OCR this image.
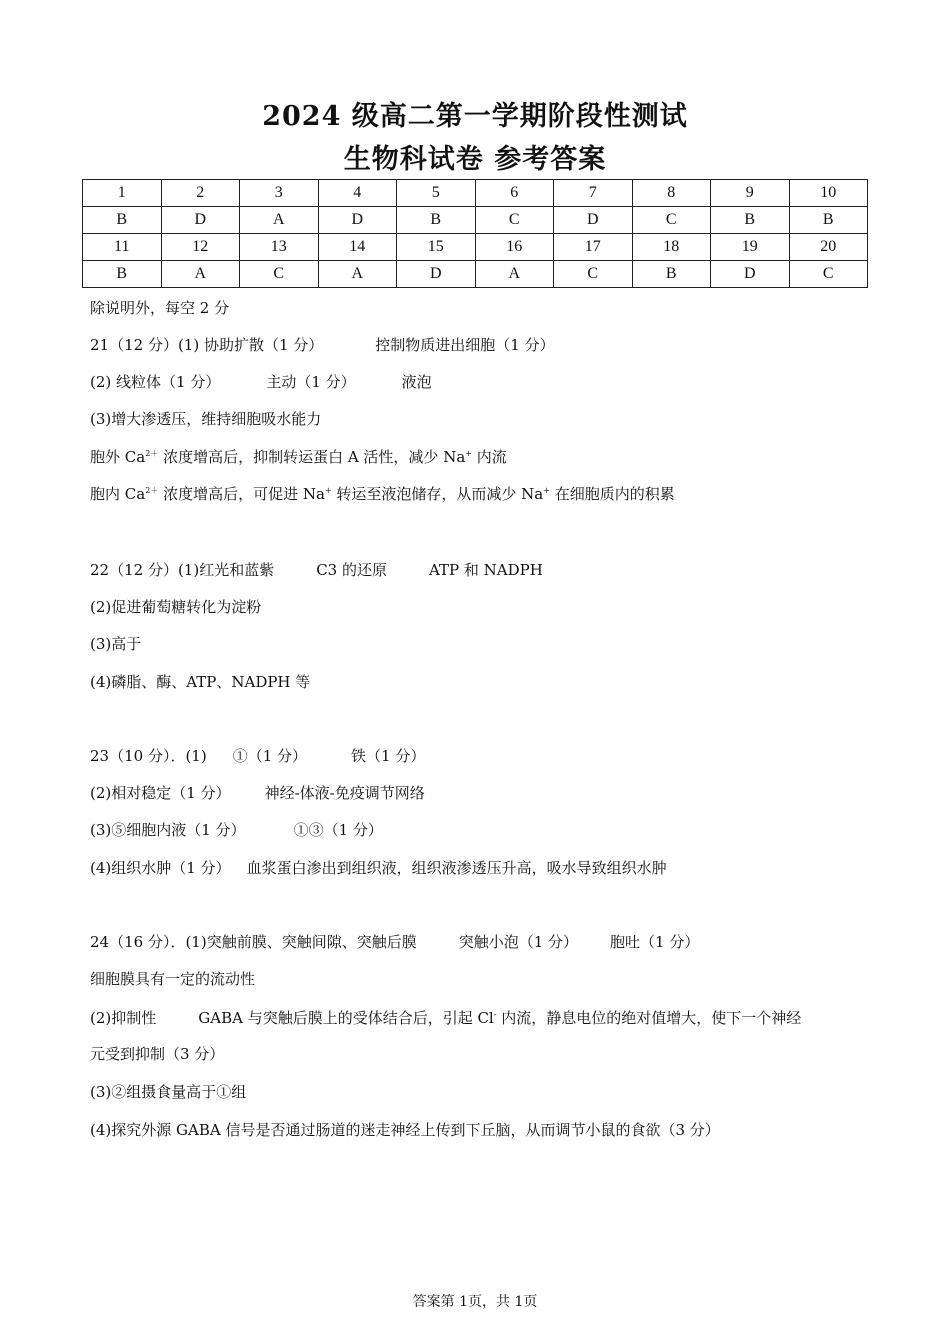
2024 级高二第一学期阶段性测试
生物科试卷 参考答案
1	2	3	4	5	6	7	8	9	10
B	D	A	D	B	C	D	C	B	B
11	12	13	14	15	16	17	18	19	20
B	A	C	A	D	A	C	B	D	C
除说明外，每空 2 分
21（12 分）(1) 协助扩散（1 分）	控制物质进出细胞（1 分）
(2) 线粒体（1 分）	主动（1 分）	液泡
(3)增大渗透压，维持细胞吸水能力
胞外 $Ca^{2+}$ 浓度增高后，抑制转运蛋白 A 活性，减少 Na+ 内流
胞内 $Ca^{2+}$ 浓度增高后，可促进 Na+ 转运至液泡储存，从而减少 Na+ 在细胞质内的积累
22（12 分）(1)红光和蓝紫	C3 的还原	ATP 和 NADPH
(2)促进葡萄糖转化为淀粉
(3)高于
(4)磷脂、酶、ATP、NADPH 等
23（10 分）．(1) ①（1 分）	铁（1 分）
(2)相对稳定（1 分） 神经-体液-免疫调节网络
(3)⑤细胞内液（1 分）	①③（1 分）
(4)组织水肿（1 分） 血浆蛋白渗出到组织液，组织液渗透压升高，吸水导致组织水肿
24（16 分）．(1)突触前膜、突触间隙、突触后膜	突触小泡（1 分） 胞吐（1 分）
细胞膜具有一定的流动性
(2)抑制性	GABA 与突触后膜上的受体结合后，引起 Cl- 内流，静息电位的绝对值增大，使下一个神经
元受到抑制（3 分）
(3)②组摄食量高于①组
(4)探究外源 GABA 信号是否通过肠道的迷走神经上传到下丘脑，从而调节小鼠的食欲（3 分）
答案第 1页，共 1页
